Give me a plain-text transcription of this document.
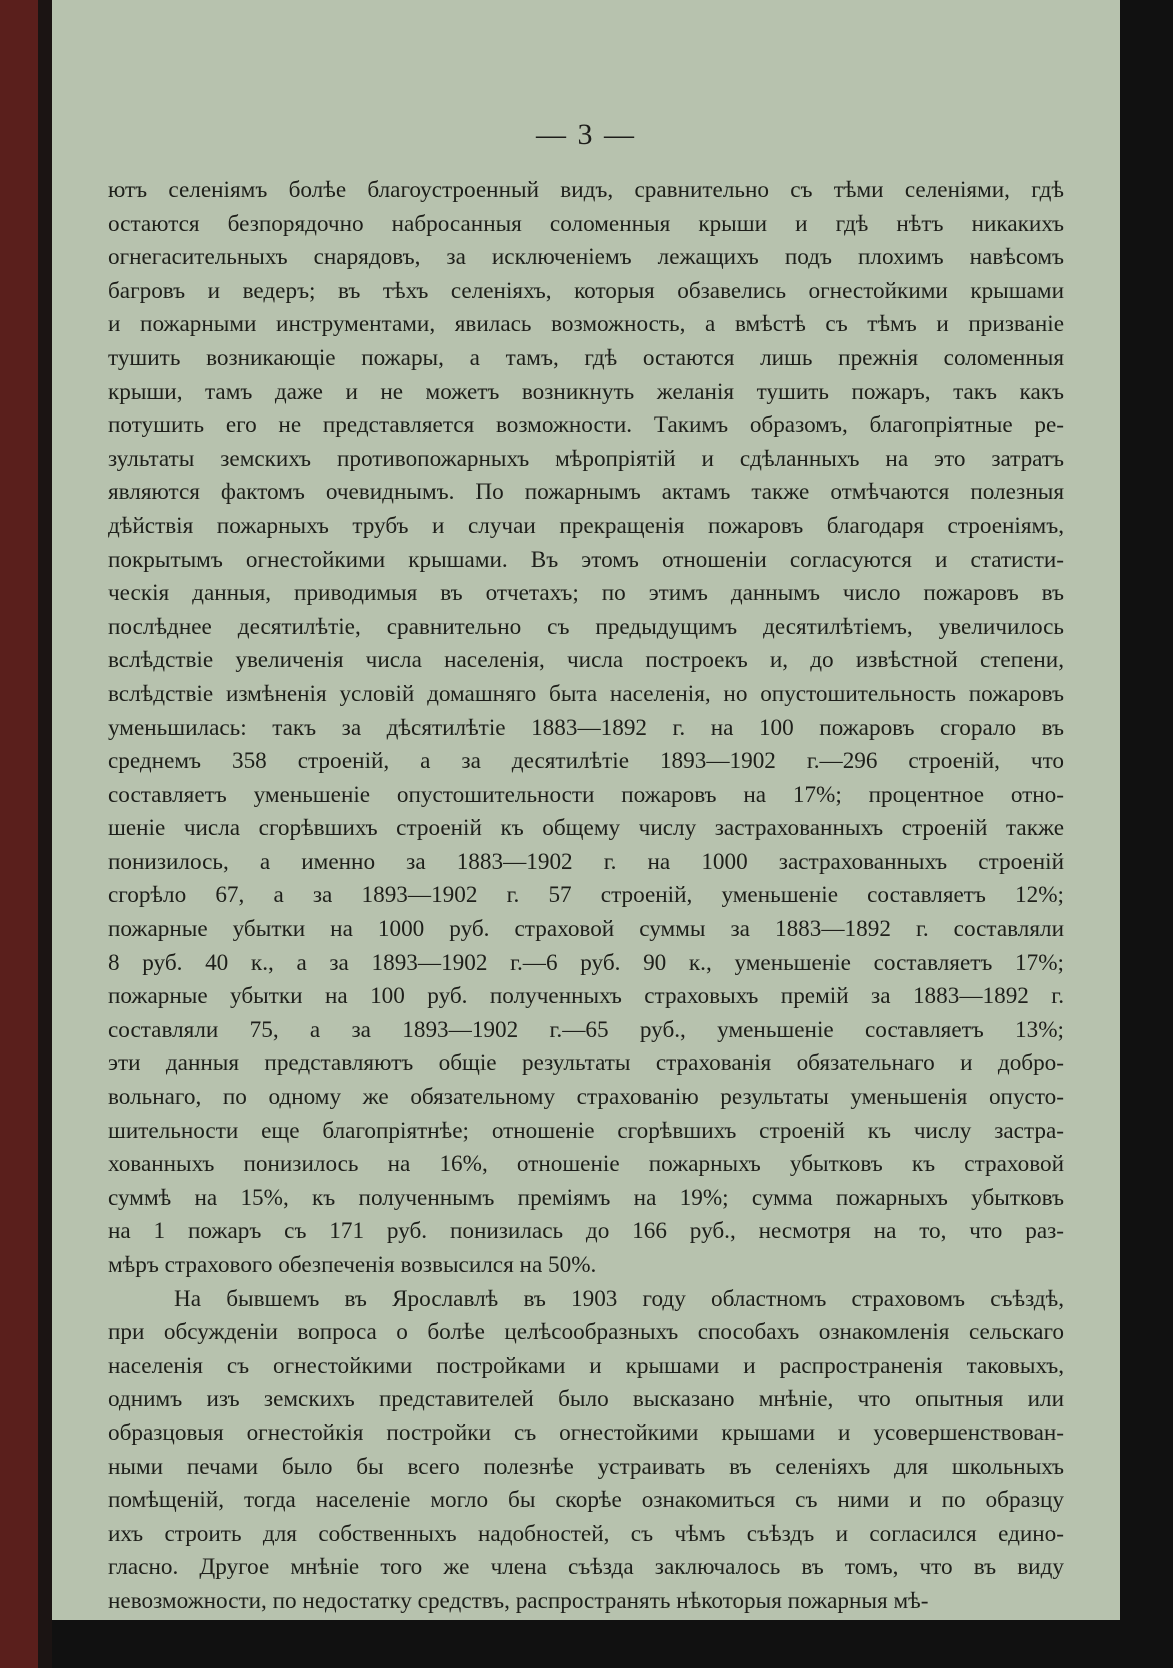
— 3 —
ютъ селеніямъ болѣе благоустроенный видъ, сравнительно съ тѣми селеніями, гдѣ
остаются безпорядочно набросанныя соломенныя крыши и гдѣ нѣтъ никакихъ
огнегасительныхъ снарядовъ, за исключеніемъ лежащихъ подъ плохимъ навѣсомъ
багровъ и ведеръ; въ тѣхъ селеніяхъ, которыя обзавелись огнестойкими крышами
и пожарными инструментами, явилась возможность, а вмѣстѣ съ тѣмъ и призваніе
тушить возникающіе пожары, а тамъ, гдѣ остаются лишь прежнія соломенныя
крыши, тамъ даже и не можетъ возникнуть желанія тушить пожаръ, такъ какъ
потушить его не представляется возможности. Такимъ образомъ, благопріятные ре-
зультаты земскихъ противопожарныхъ мѣропріятій и сдѣланныхъ на это затратъ
являются фактомъ очевиднымъ. По пожарнымъ актамъ также отмѣчаются полезныя
дѣйствія пожарныхъ трубъ и случаи прекращенія пожаровъ благодаря строеніямъ,
покрытымъ огнестойкими крышами. Въ этомъ отношеніи согласуются и статисти-
ческія данныя, приводимыя въ отчетахъ; по этимъ даннымъ число пожаровъ въ
послѣднее десятилѣтіе, сравнительно съ предыдущимъ десятилѣтіемъ, увеличилось
вслѣдствіе увеличенія числа населенія, числа построекъ и, до извѣстной степени,
вслѣдствіе измѣненія условій домашняго быта населенія, но опустошительность пожаровъ
уменьшилась: такъ за дѣсятилѣтіе 1883—1892 г. на 100 пожаровъ сгорало въ
среднемъ 358 строеній, а за десятилѣтіе 1893—1902 г.—296 строеній, что
составляетъ уменьшеніе опустошительности пожаровъ на 17%; процентное отно-
шеніе числа сгорѣвшихъ строеній къ общему числу застрахованныхъ строеній также
понизилось, а именно за 1883—1902 г. на 1000 застрахованныхъ строеній
сгорѣло 67, а за 1893—1902 г. 57 строеній, уменьшеніе составляетъ 12%;
пожарные убытки на 1000 руб. страховой суммы за 1883—1892 г. составляли
8 руб. 40 к., а за 1893—1902 г.—6 руб. 90 к., уменьшеніе составляетъ 17%;
пожарные убытки на 100 руб. полученныхъ страховыхъ премій за 1883—1892 г.
составляли 75, а за 1893—1902 г.—65 руб., уменьшеніе составляетъ 13%;
эти данныя представляютъ общіе результаты страхованія обязательнаго и добро-
вольнаго, по одному же обязательному страхованію результаты уменьшенія опусто-
шительности еще благопріятнѣе; отношеніе сгорѣвшихъ строеній къ числу застра-
хованныхъ понизилось на 16%, отношеніе пожарныхъ убытковъ къ страховой
суммѣ на 15%, къ полученнымъ преміямъ на 19%; сумма пожарныхъ убытковъ
на 1 пожаръ съ 171 руб. понизилась до 166 руб., несмотря на то, что раз-
мѣръ страхового обезпеченія возвысился на 50%.
На бывшемъ въ Ярославлѣ въ 1903 году областномъ страховомъ съѣздѣ,
при обсужденіи вопроса о болѣе целѣсообразныхъ способахъ ознакомленія сельскаго
населенія съ огнестойкими постройками и крышами и распространенія таковыхъ,
однимъ изъ земскихъ представителей было высказано мнѣніе, что опытныя или
образцовыя огнестойкія постройки съ огнестойкими крышами и усовершенствован-
ными печами было бы всего полезнѣе устраивать въ селеніяхъ для школьныхъ
помѣщеній, тогда населеніе могло бы скорѣе ознакомиться съ ними и по образцу
ихъ строить для собственныхъ надобностей, съ чѣмъ съѣздъ и согласился едино-
гласно. Другое мнѣніе того же члена съѣзда заключалось въ томъ, что въ виду
невозможности, по недостатку средствъ, распространять нѣкоторыя пожарныя мѣ-
